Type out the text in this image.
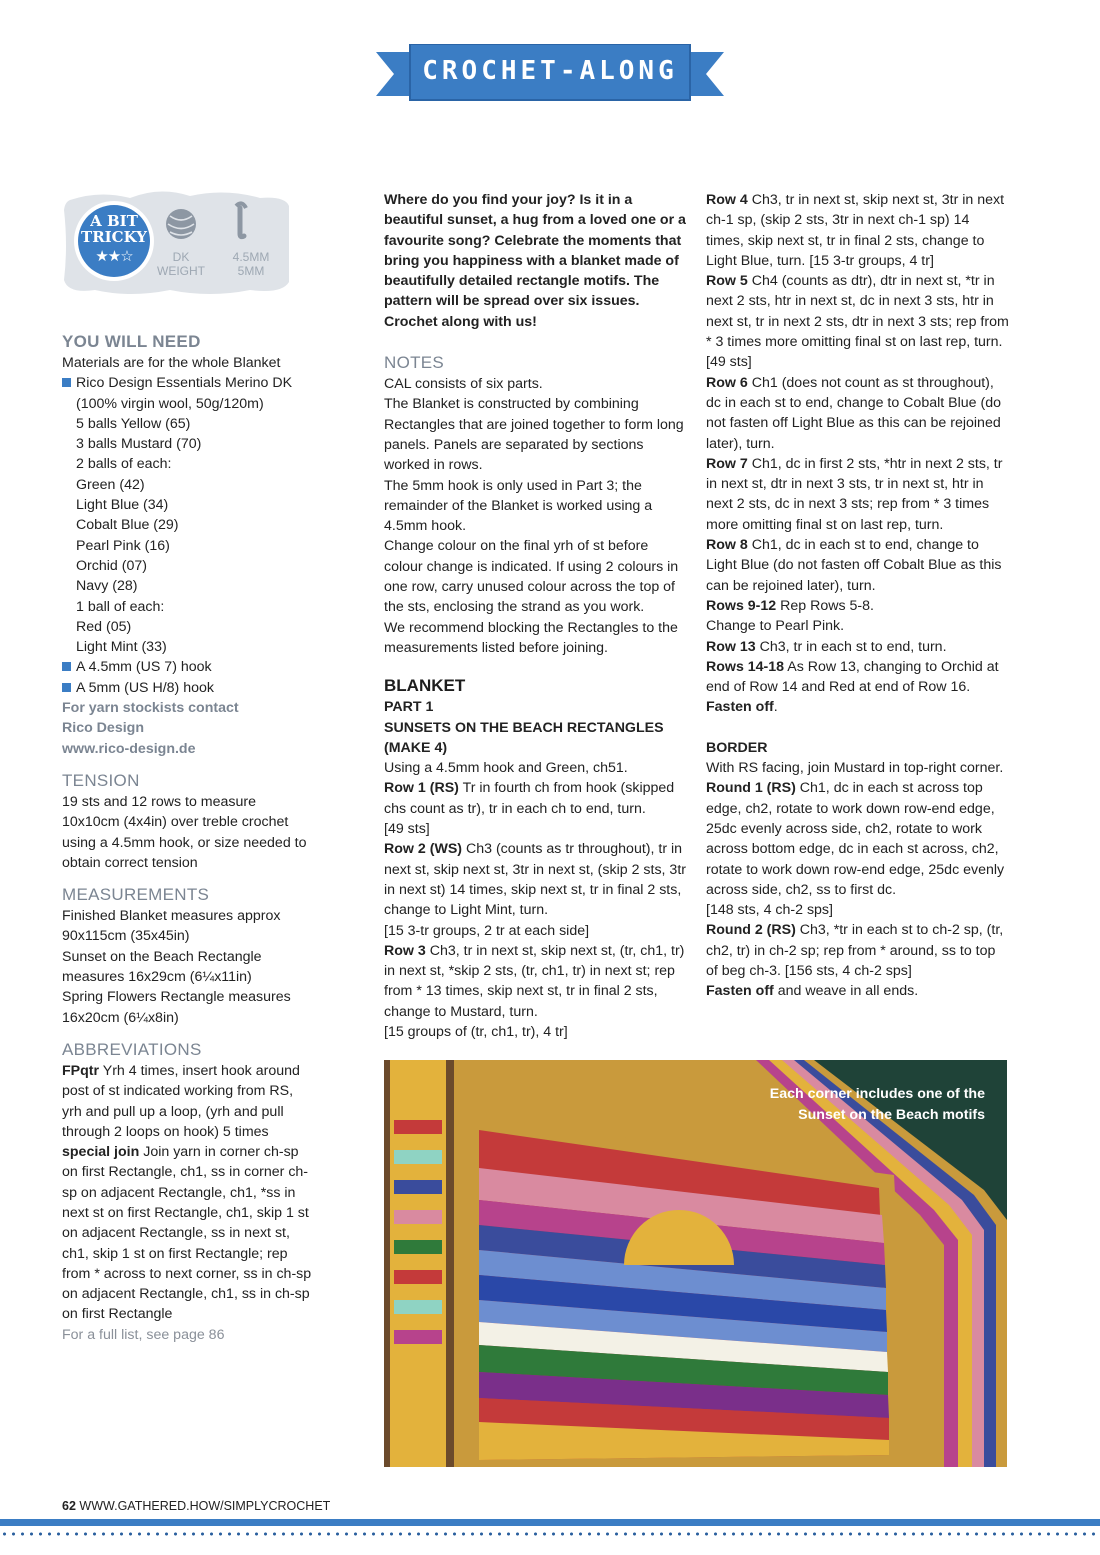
CROCHET-ALONG
A BIT
TRICKY
★★☆	DK
WEIGHT
4.5MM
5MM

YOU WILL NEED

Materials are for the whole Blanket

Rico Design Essentials Merino DK

(100% virgin wool, 50g/120m)

5 balls Yellow (65)

3 balls Mustard (70)

2 balls of each:

Green (42)

Light Blue (34)

Cobalt Blue (29)

Pearl Pink (16)

Orchid (07)

Navy (28)

1 ball of each:

Red (05)

Light Mint (33)

A 4.5mm (US 7) hook

A 5mm (US H/8) hook

For yarn stockists contact

Rico Design

www.rico-design.de

TENSION

19 sts and 12 rows to measure 10x10cm (4x4in) over treble crochet using a 4.5mm hook, or size needed to obtain correct tension

MEASUREMENTS

Finished Blanket measures approx

90x115cm (35x45in)

Sunset on the Beach Rectangle

measures 16x29cm (6¼x11in)

Spring Flowers Rectangle measures

16x20cm (6¼x8in)

ABBREVIATIONS

FPqtr Yrh 4 times, insert hook around post of st indicated working from RS, yrh and pull up a loop, (yrh and pull through 2 loops on hook) 5 times

special join Join yarn in corner ch-sp on first Rectangle, ch1, ss in corner ch-sp on adjacent Rectangle, ch1, *ss in next st on first Rectangle, ch1, skip 1 st on adjacent Rectangle, ss in next st, ch1, skip 1 st on first Rectangle; rep from * across to next corner, ss in ch-sp on adjacent Rectangle, ch1, ss in ch-sp on first Rectangle

For a full list, see page 86

Where do you find your joy? Is it in a beautiful sunset, a hug from a loved one or a favourite song? Celebrate the moments that bring you happiness with a blanket made of beautifully detailed rectangle motifs. The pattern will be spread over six issues. Crochet along with us!

NOTES

CAL consists of six parts.

The Blanket is constructed by combining Rectangles that are joined together to form long panels. Panels are separated by sections worked in rows.

The 5mm hook is only used in Part 3; the remainder of the Blanket is worked using a 4.5mm hook.

Change colour on the final yrh of st before colour change is indicated. If using 2 colours in one row, carry unused colour across the top of the sts, enclosing the strand as you work.

We recommend blocking the Rectangles to the measurements listed before joining.

BLANKET

PART 1

SUNSETS ON THE BEACH RECTANGLES (MAKE 4)

Using a 4.5mm hook and Green, ch51.

Row 1 (RS) Tr in fourth ch from hook (skipped chs count as tr), tr in each ch to end, turn.

[49 sts]

Row 2 (WS) Ch3 (counts as tr throughout), tr in next st, skip next st, 3tr in next st, (skip 2 sts, 3tr in next st) 14 times, skip next st, tr in final 2 sts, change to Light Mint, turn.

[15 3-tr groups, 2 tr at each side]

Row 3 Ch3, tr in next st, skip next st, (tr, ch1, tr) in next st, *skip 2 sts, (tr, ch1, tr) in next st; rep from * 13 times, skip next st, tr in final 2 sts, change to Mustard, turn.

[15 groups of (tr, ch1, tr), 4 tr]

Row 4 Ch3, tr in next st, skip next st, 3tr in next ch-1 sp, (skip 2 sts, 3tr in next ch-1 sp) 14 times, skip next st, tr in final 2 sts, change to Light Blue, turn. [15 3-tr groups, 4 tr]

Row 5 Ch4 (counts as dtr), dtr in next st, *tr in next 2 sts, htr in next st, dc in next 3 sts, htr in next st, tr in next 2 sts, dtr in next 3 sts; rep from * 3 times more omitting final st on last rep, turn.

[49 sts]

Row 6 Ch1 (does not count as st throughout), dc in each st to end, change to Cobalt Blue (do not fasten off Light Blue as this can be rejoined later), turn.

Row 7 Ch1, dc in first 2 sts, *htr in next 2 sts, tr in next st, dtr in next 3 sts, tr in next st, htr in next 2 sts, dc in next 3 sts; rep from * 3 times more omitting final st on last rep, turn.

Row 8 Ch1, dc in each st to end, change to Light Blue (do not fasten off Cobalt Blue as this can be rejoined later), turn.

Rows 9-12 Rep Rows 5-8.

Change to Pearl Pink.

Row 13 Ch3, tr in each st to end, turn.

Rows 14-18 As Row 13, changing to Orchid at end of Row 14 and Red at end of Row 16.

Fasten off.

BORDER

With RS facing, join Mustard in top-right corner.

Round 1 (RS) Ch1, dc in each st across top edge, ch2, rotate to work down row-end edge, 25dc evenly across side, ch2, rotate to work across bottom edge, dc in each st across, ch2, rotate to work down row-end edge, 25dc evenly across side, ch2, ss to first dc.

[148 sts, 4 ch-2 sps]

Round 2 (RS) Ch3, *tr in each st to ch-2 sp, (tr, ch2, tr) in ch-2 sp; rep from * around, ss to top of beg ch-3. [156 sts, 4 ch-2 sps]

Fasten off and weave in all ends.

Each corner includes one of the Sunset on the Beach motifs
62 WWW.GATHERED.HOW/SIMPLYCROCHET
